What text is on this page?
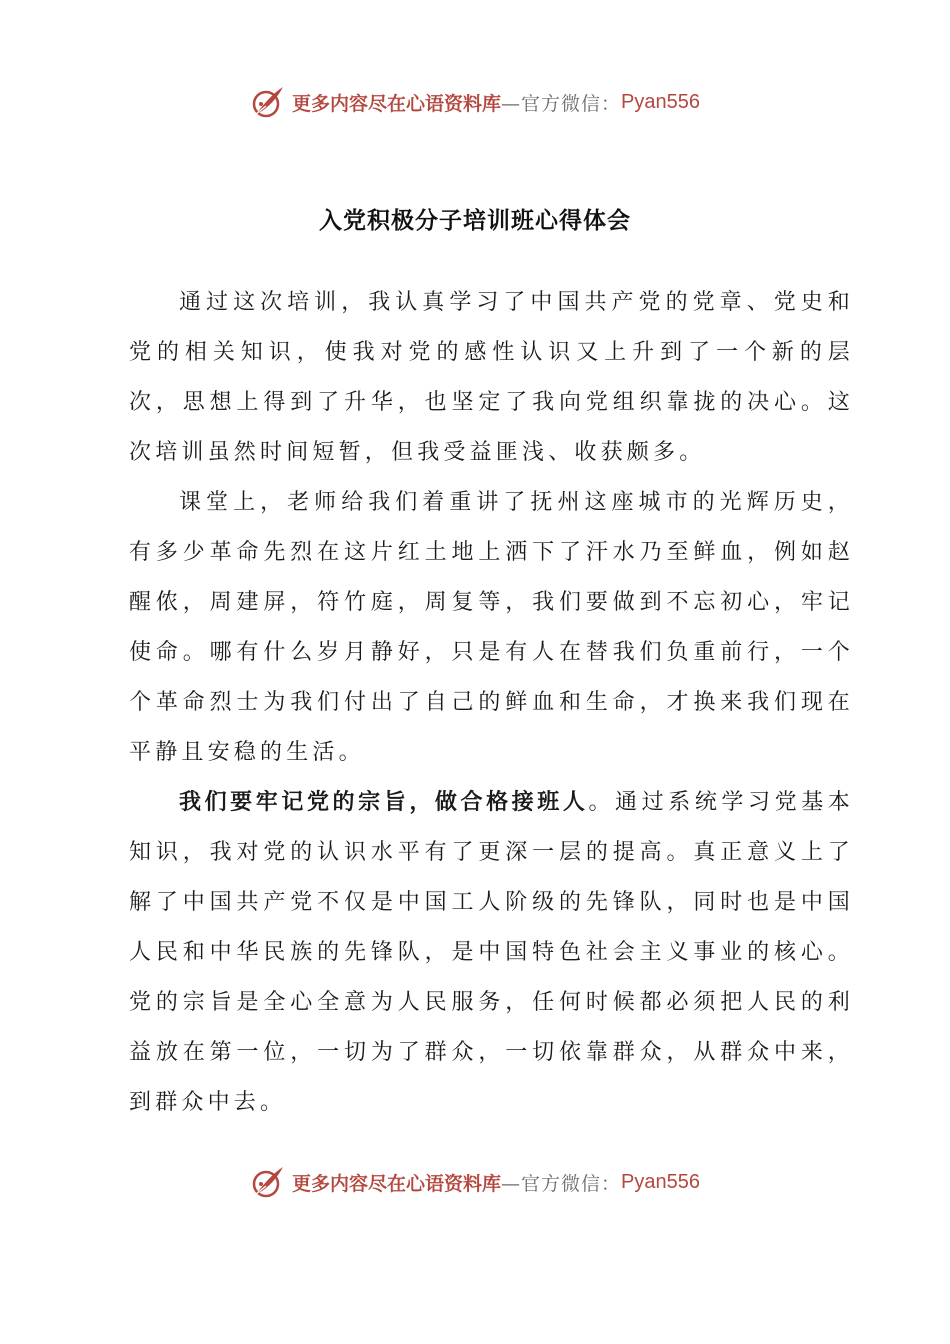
更多内容尽在心语资料库 —官方微信： Pyan556
入党积极分子培训班心得体会

通过这次培训，我认真学习了中国共产党的党章、党史和党的相关知识，使我对党的感性认识又上升到了一个新的层次，思想上得到了升华，也坚定了我向党组织靠拢的决心。这次培训虽然时间短暂，但我受益匪浅、收获颇多。

课堂上，老师给我们着重讲了抚州这座城市的光辉历史，有多少革命先烈在这片红土地上洒下了汗水乃至鲜血，例如赵醒侬，周建屏，符竹庭，周复等，我们要做到不忘初心，牢记使命。哪有什么岁月静好，只是有人在替我们负重前行，一个个革命烈士为我们付出了自己的鲜血和生命，才换来我们现在平静且安稳的生活。

我们要牢记党的宗旨，做合格接班人。通过系统学习党基本知识，我对党的认识水平有了更深一层的提高。真正意义上了解了中国共产党不仅是中国工人阶级的先锋队，同时也是中国人民和中华民族的先锋队，是中国特色社会主义事业的核心。党的宗旨是全心全意为人民服务，任何时候都必须把人民的利益放在第一位，一切为了群众，一切依靠群众，从群众中来，到群众中去。

更多内容尽在心语资料库 —官方微信： Pyan556
